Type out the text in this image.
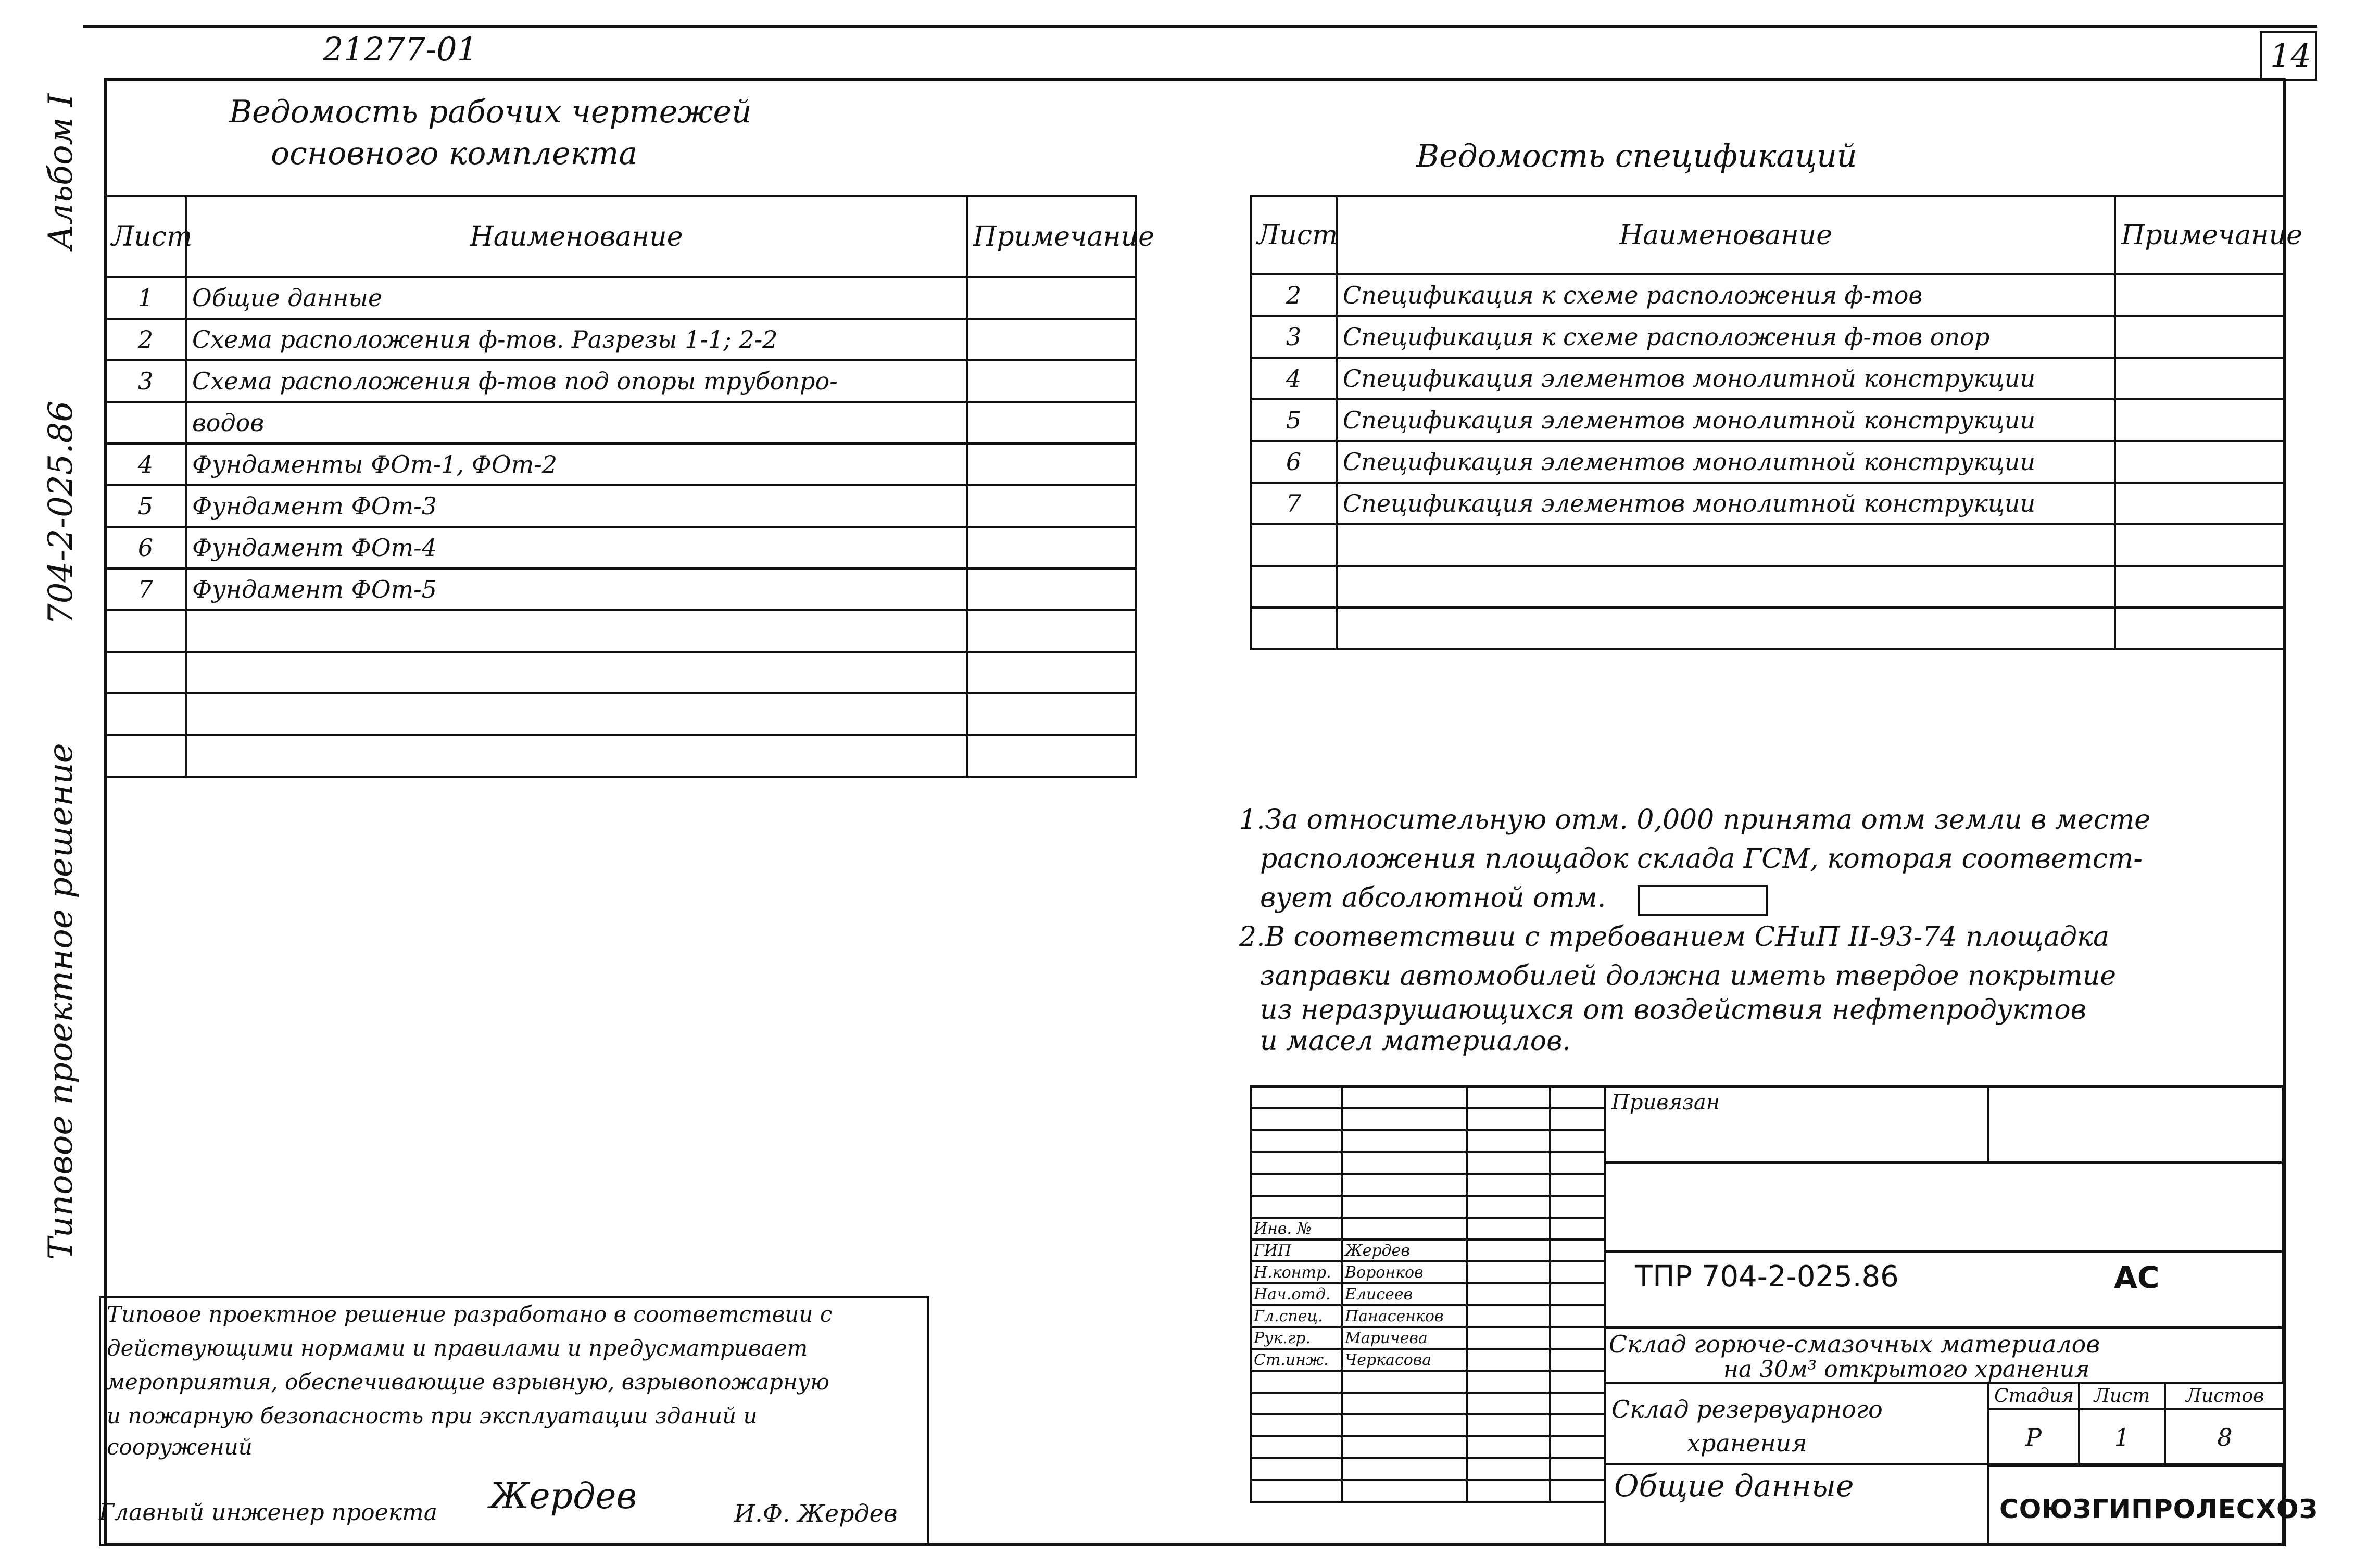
21277-01	14
Альбом I
704-2-025.86
Типовое проектное решение
Ведомость рабочих чертежей
основного комплекта
Лист	Наименование	Примечание
1	Общие данные	
2	Схема расположения ф-тов. Разрезы 1-1; 2-2	
3	Схема расположения ф-тов под опоры трубопро-	
	водов	
4	Фундаменты ФОт-1, ФОт-2	
5	Фундамент ФОт-3	
6	Фундамент ФОт-4	
7	Фундамент ФОт-5	

Ведомость спецификаций
Лист	Наименование	Примечание
2	Спецификация к схеме расположения ф-тов	
3	Спецификация к схеме расположения ф-тов опор	
4	Спецификация элементов монолитной конструкции	
5	Спецификация элементов монолитной конструкции	
6	Спецификация элементов монолитной конструкции	
7	Спецификация элементов монолитной конструкции	

1.За относительную отм. 0,000 принята отм земли в месте
расположения площадок склада ГСМ, которая соответст-
вует абсолютной отм.
2.В соответствии с требованием СНиП II-93-74 площадка
заправки автомобилей должна иметь твердое покрытие
из неразрушающихся от воздействия нефтепродуктов
и масел материалов.
Типовое проектное решение разработано в соответствии с
действующими нормами и правилами и предусматривает
мероприятия, обеспечивающие взрывную, взрывопожарную
и пожарную безопасность при эксплуатации зданий и
сооружений
Главный инженер проекта Жердев	И.Ф. Жердев

Инв. №			
ГИП	Жердев		
Н.контр.	Воронков		
Нач.отд.	Елисеев		
Гл.спец.	Панасенков		
Рук.гр.	Маричева		
Ст.инж.	Черкасова		

Привязан
ТПР 704-2-025.86	АС
Склад горюче-смазочных материалов
на 30м³ открытого хранения
Склад резервуарного
хранения
Стадия	Лист	Листов
Р	1	8
Общие данные
СОЮЗГИПРОЛЕСХОЗ
